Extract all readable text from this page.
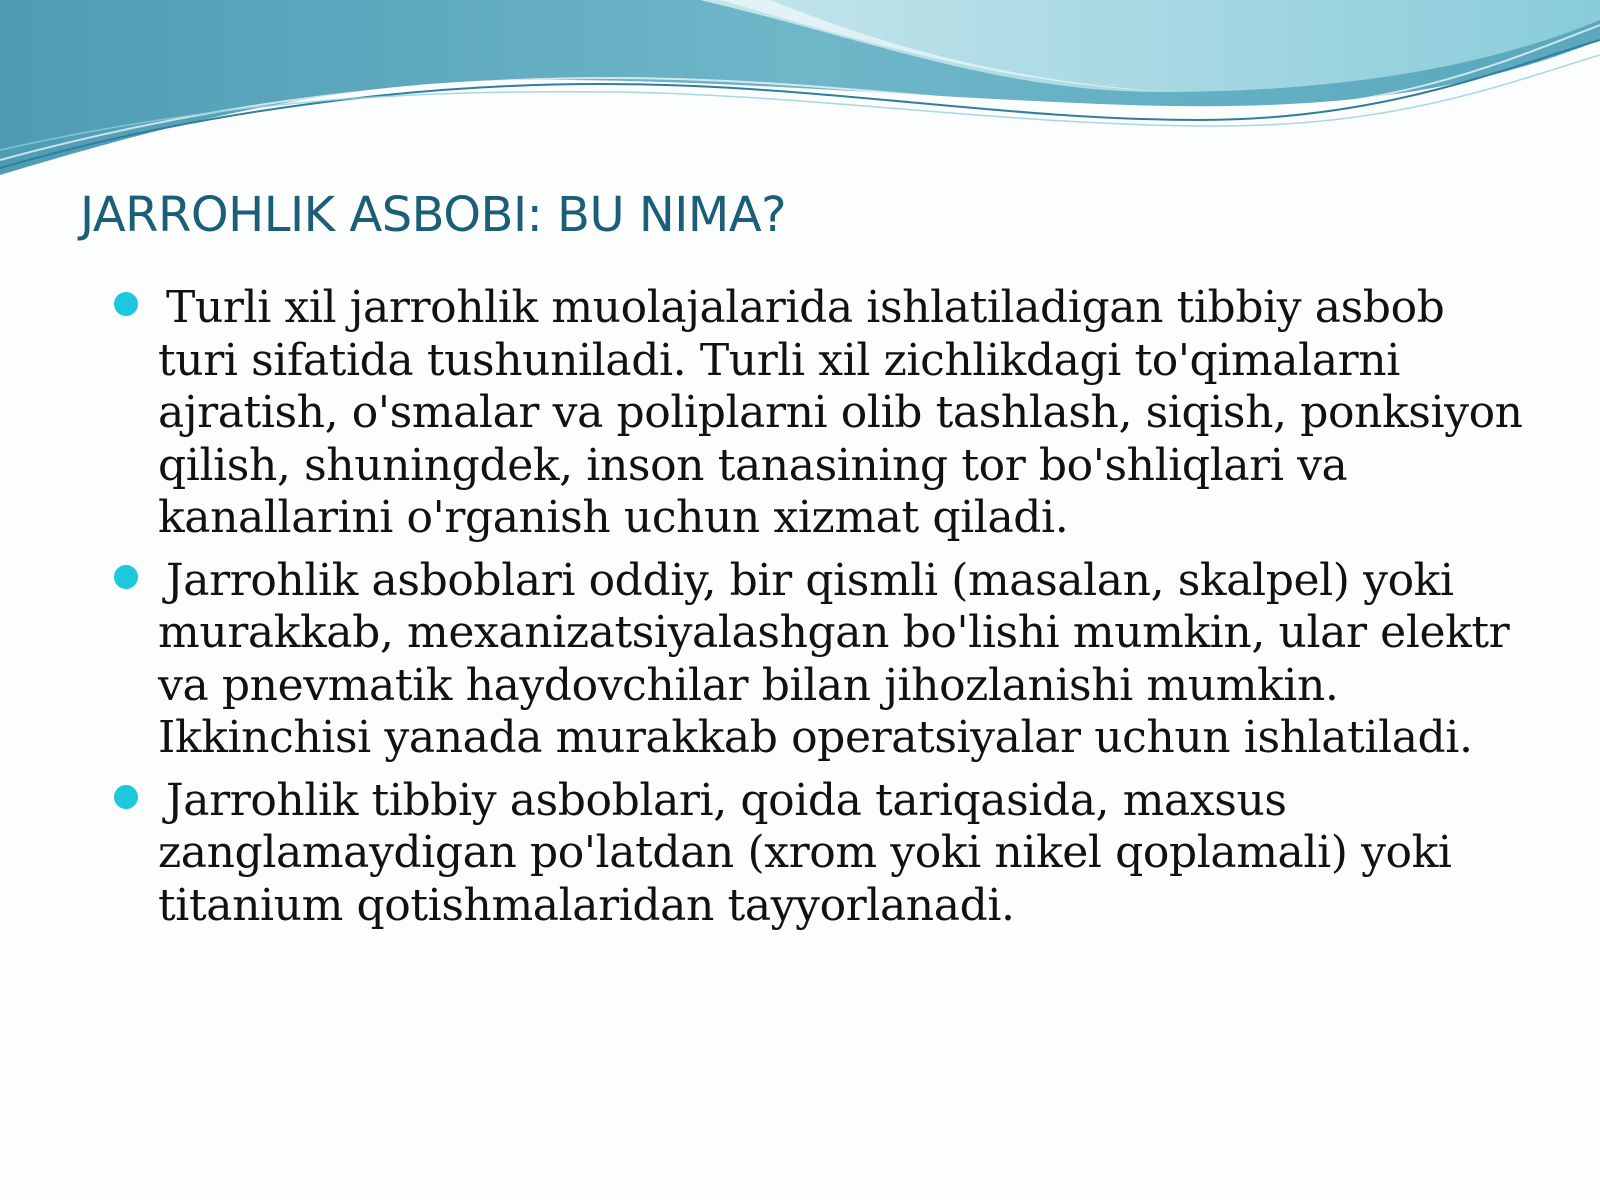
JARROHLIK ASBOBI: BU NIMA?
Turli xil jarrohlik muolajalarida ishlatiladigan tibbiy asbob turi sifatida tushuniladi. Turli xil zichlikdagi to'qimalarni ajratish, o'smalar va poliplarni olib tashlash, siqish, ponksiyon qilish, shuningdek, inson tanasining tor bo'shliqlari va kanallarini o'rganish uchun xizmat qiladi.
Jarrohlik asboblari oddiy, bir qismli (masalan, skalpel) yoki murakkab, mexanizatsiyalashgan bo'lishi mumkin, ular elektr va pnevmatik haydovchilar bilan jihozlanishi mumkin. Ikkinchisi yanada murakkab operatsiyalar uchun ishlatiladi.
Jarrohlik tibbiy asboblari, qoida tariqasida, maxsus zanglamaydigan po'latdan (xrom yoki nikel qoplamali) yoki titanium qotishmalaridan tayyorlanadi.
